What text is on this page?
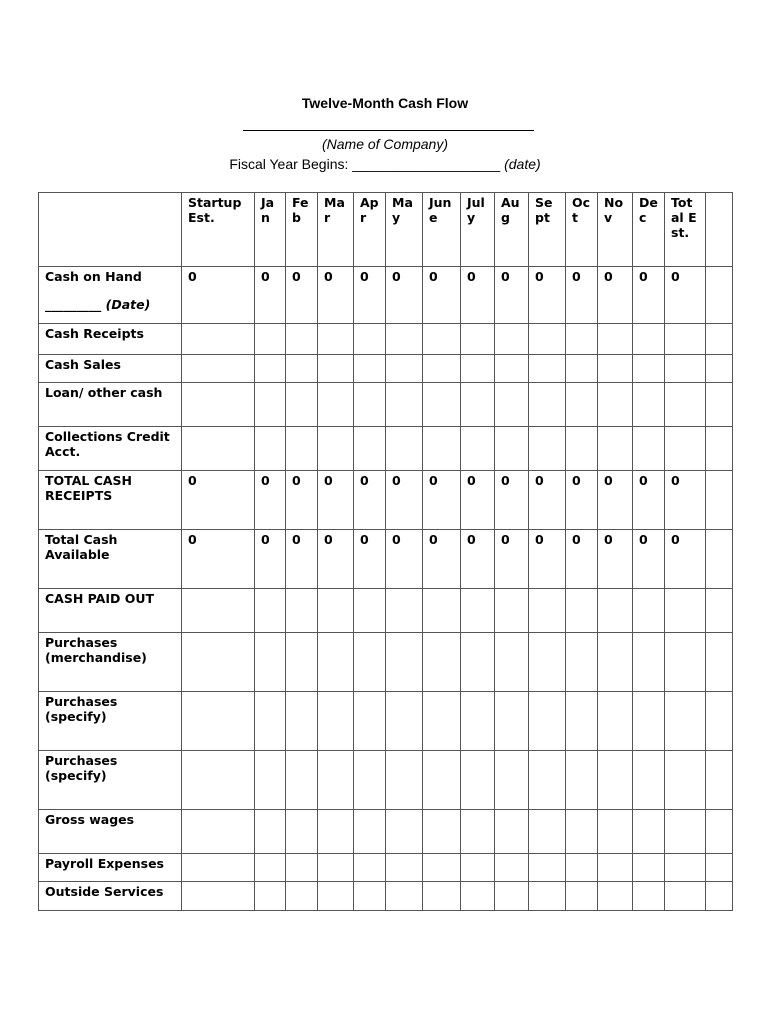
Twelve-Month Cash Flow
(Name of Company)
Fiscal Year Begins: ___________________ (date)
	Startup Est.	Jan	Feb	Mar	Apr	May	June	July	Aug	Sept	Oct	Nov	Dec	Total Est.	

Cash on Hand
_________ (Date)	0	0	0	0	0	0	0	0	0	0	0	0	0	0	
Cash Receipts															
Cash Sales															
Loan/ other cash															
Collections Credit Acct.															
TOTAL CASH RECEIPTS	0	0	0	0	0	0	0	0	0	0	0	0	0	0	
Total Cash Available	0	0	0	0	0	0	0	0	0	0	0	0	0	0	
CASH PAID OUT															
Purchases (merchandise)															
Purchases (specify)															
Purchases (specify)															
Gross wages															
Payroll Expenses															
Outside Services															
